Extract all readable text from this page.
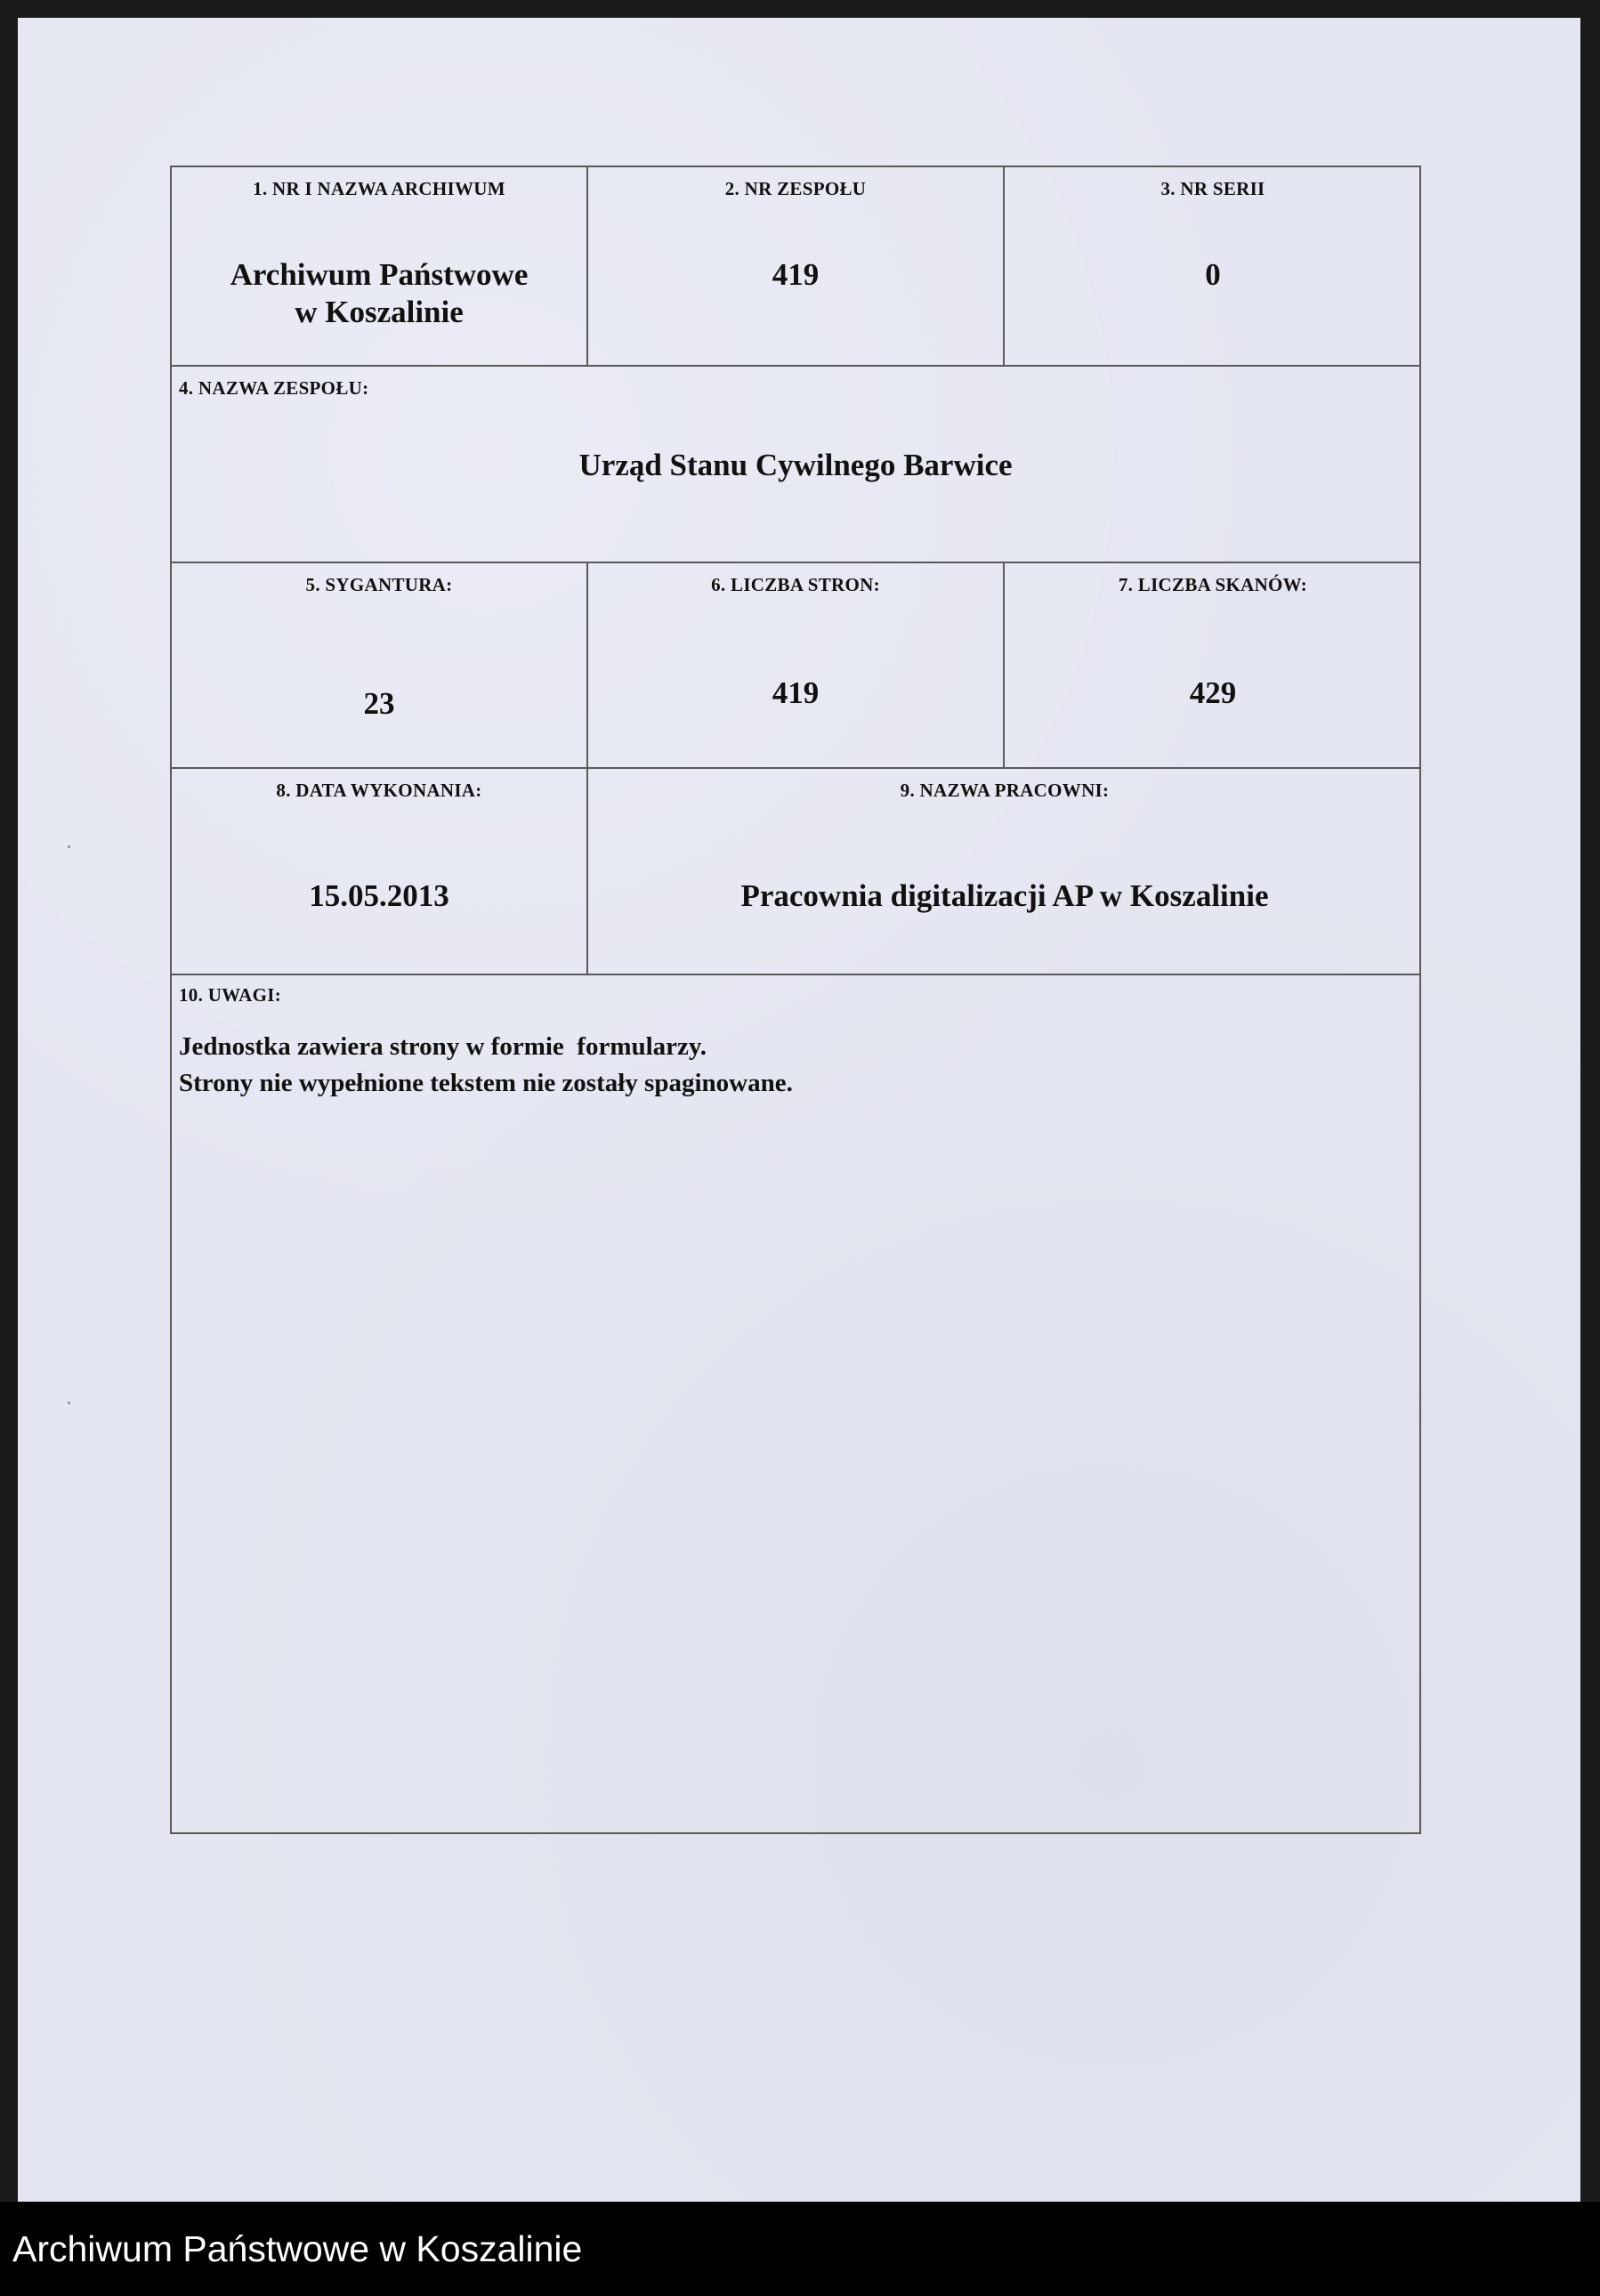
1. NR I NAZWA ARCHIWUM
Archiwum Państwowe
w Koszalinie
2. NR ZESPOŁU
419
3. NR SERII
0
4. NAZWA ZESPOŁU:
Urząd Stanu Cywilnego Barwice
5. SYGANTURA:
23
6. LICZBA STRON:
419
7. LICZBA SKANÓW:
429
8. DATA WYKONANIA:
15.05.2013
9. NAZWA PRACOWNI:
Pracownia digitalizacji AP w Koszalinie
10. UWAGI:
Jednostka zawiera strony w formie  formularzy.
Strony nie wypełnione tekstem nie zostały spaginowane.
Archiwum Państwowe w Koszalinie
